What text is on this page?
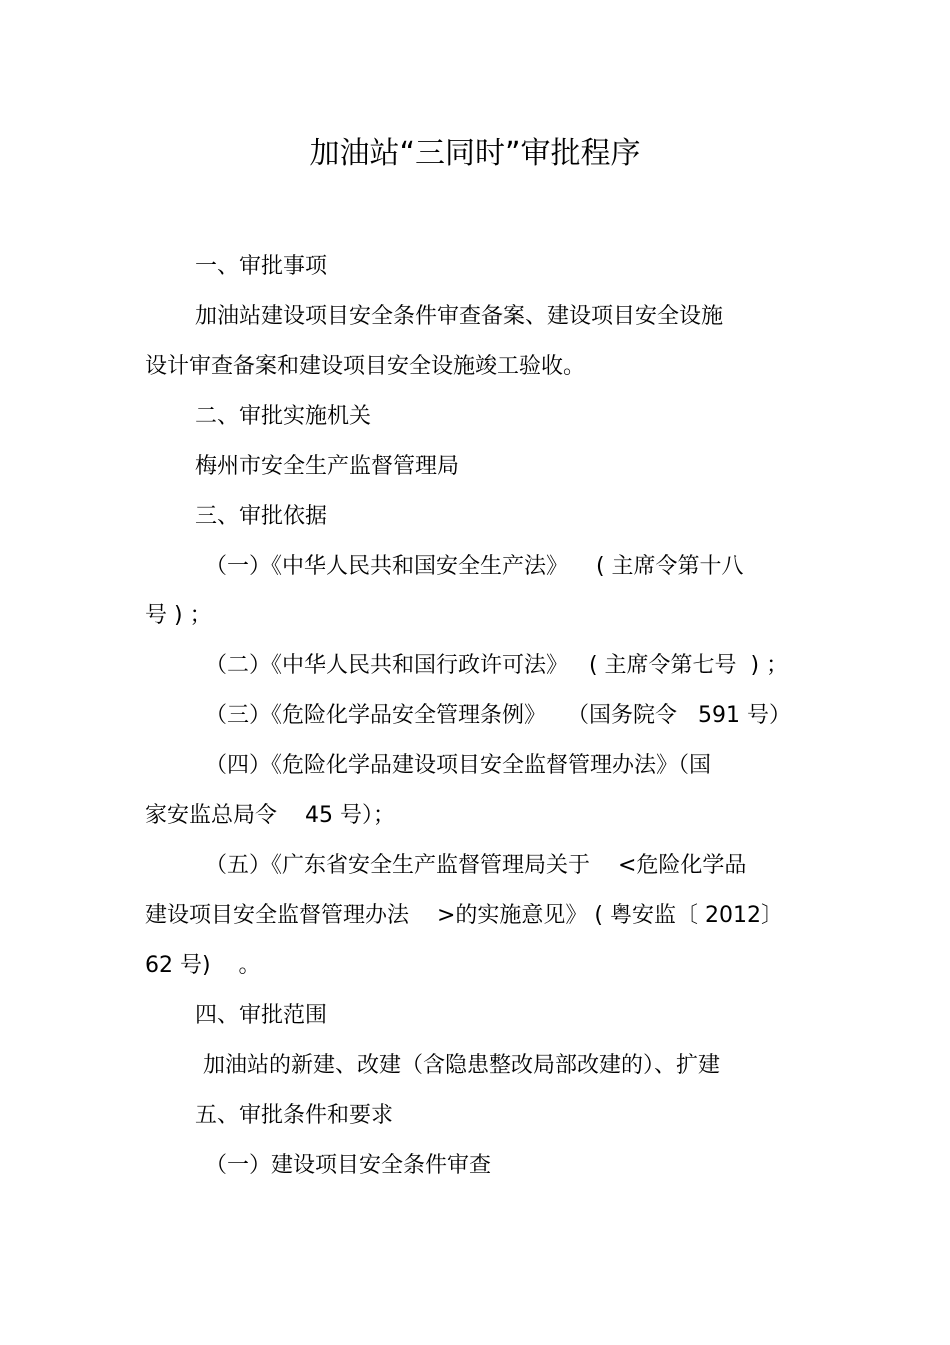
加油站“三同时”审批程序
一、审批事项
加油站建设项目安全条件审查备案、建设项目安全设施
设计审查备案和建设项目安全设施竣工验收。
二、审批实施机关
梅州市安全生产监督管理局
三、审批依据
（一）《中华人民共和国安全生产法》    ( 主席令第十八
号 ) ；
（二）《中华人民共和国行政许可法》   ( 主席令第七号  ) ；
（三）《危险化学品安全管理条例》   （国务院令   591 号）
（四）《危险化学品建设项目安全监督管理办法》（国
家安监总局令    45 号）；
（五）《广东省安全生产监督管理局关于    <危险化学品
建设项目安全监督管理办法    >的实施意见》 ( 粤安监〔 2012〕
62 号)    。
四、审批范围
加油站的新建、改建（含隐患整改局部改建的）、扩建
五、审批条件和要求
（一）建设项目安全条件审查
